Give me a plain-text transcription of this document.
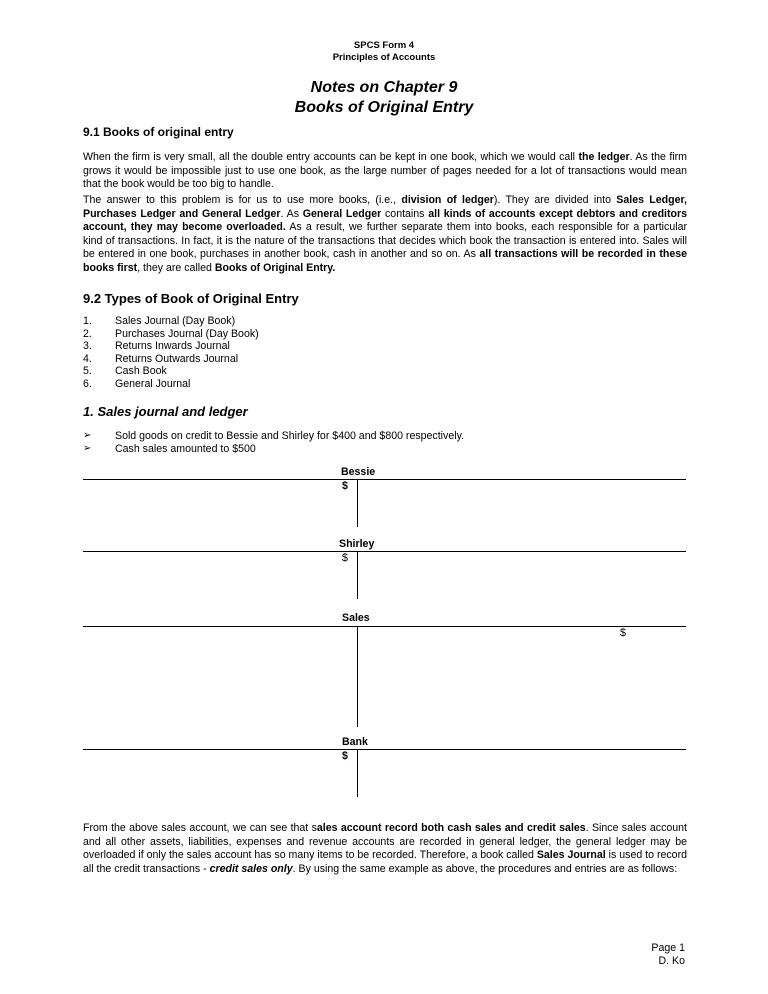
SPCS Form 4
Principles of Accounts
Notes on Chapter 9
Books of Original Entry
9.1 Books of original entry
When the firm is very small, all the double entry accounts can be kept in one book, which we would call the ledger. As the firm grows it would be impossible just to use one book, as the large number of pages needed for a lot of transactions would mean that the book would be too big to handle.
The answer to this problem is for us to use more books, (i.e., division of ledger). They are divided into Sales Ledger, Purchases Ledger and General Ledger. As General Ledger contains all kinds of accounts except debtors and creditors account, they may become overloaded. As a result, we further separate them into books, each responsible for a particular kind of transactions. In fact, it is the nature of the transactions that decides which book the transaction is entered into. Sales will be entered in one book, purchases in another book, cash in another and so on. As all transactions will be recorded in these books first, they are called Books of Original Entry.
9.2 Types of Book of Original Entry
1. Sales Journal (Day Book)
2. Purchases Journal (Day Book)
3. Returns Inwards Journal
4. Returns Outwards Journal
5. Cash Book
6. General Journal
1. Sales journal and ledger
➢ Sold goods on credit to Bessie and Shirley for $400 and $800 respectively.
➢ Cash sales amounted to $500
Bessie
$
Shirley
$
Sales
$
Bank
$
From the above sales account, we can see that sales account record both cash sales and credit sales. Since sales account and all other assets, liabilities, expenses and revenue accounts are recorded in general ledger, the general ledger may be overloaded if only the sales account has so many items to be recorded. Therefore, a book called Sales Journal is used to record all the credit transactions - credit sales only. By using the same example as above, the procedures and entries are as follows:
Page 1
D. Ko
